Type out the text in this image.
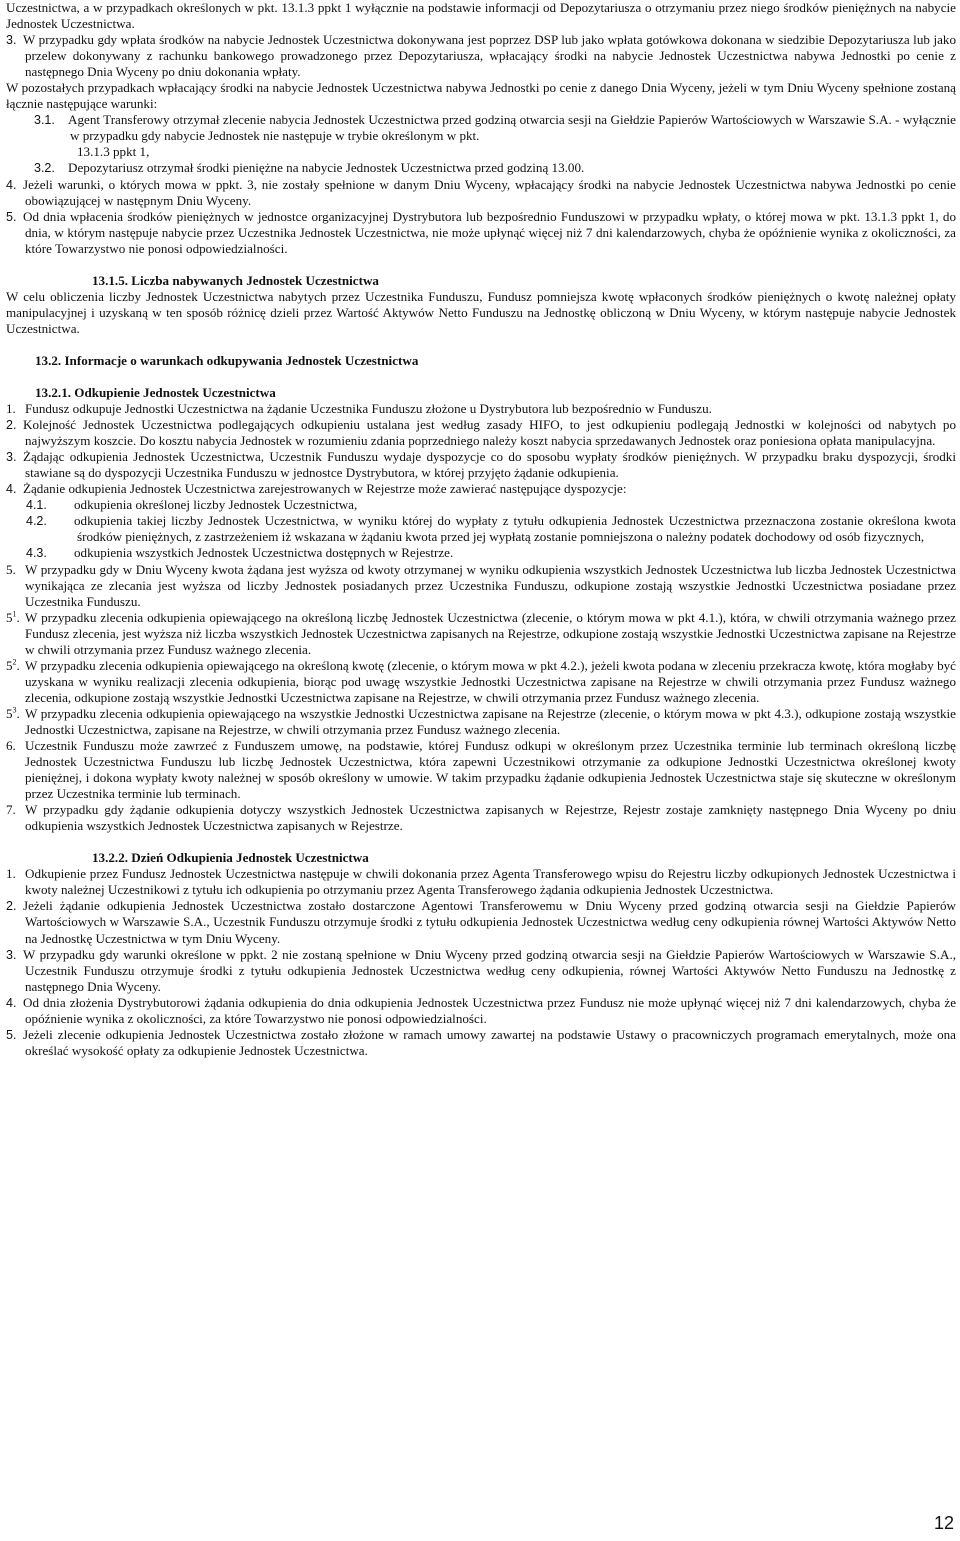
Uczestnictwa, a w przypadkach określonych w pkt. 13.1.3 ppkt 1 wyłącznie na podstawie informacji od Depozytariusza o otrzymaniu przez niego środków pieniężnych na nabycie Jednostek Uczestnictwa.

3. W przypadku gdy wpłata środków na nabycie Jednostek Uczestnictwa dokonywana jest poprzez DSP lub jako wpłata gotówkowa dokonana w siedzibie Depozytariusza lub jako przelew dokonywany z rachunku bankowego prowadzonego przez Depozytariusza, wpłacający środki na nabycie Jednostek Uczestnictwa nabywa Jednostki po cenie z następnego Dnia Wyceny po dniu dokonania wpłaty.

W pozostałych przypadkach wpłacający środki na nabycie Jednostek Uczestnictwa nabywa Jednostki po cenie z danego Dnia Wyceny, jeżeli w tym Dniu Wyceny spełnione zostaną łącznie następujące warunki:

3.1. Agent Transferowy otrzymał zlecenie nabycia Jednostek Uczestnictwa przed godziną otwarcia sesji na Giełdzie Papierów Wartościowych w Warszawie S.A. - wyłącznie w przypadku gdy nabycie Jednostek nie następuje w trybie określonym w pkt.

13.1.3 ppkt 1,

3.2. Depozytariusz otrzymał środki pieniężne na nabycie Jednostek Uczestnictwa przed godziną 13.00.

4. Jeżeli warunki, o których mowa w ppkt. 3, nie zostały spełnione w danym Dniu Wyceny, wpłacający środki na nabycie Jednostek Uczestnictwa nabywa Jednostki po cenie obowiązującej w następnym Dniu Wyceny.

5. Od dnia wpłacenia środków pieniężnych w jednostce organizacyjnej Dystrybutora lub bezpośrednio Funduszowi w przypadku wpłaty, o której mowa w pkt. 13.1.3 ppkt 1, do dnia, w którym następuje nabycie przez Uczestnika Jednostek Uczestnictwa, nie może upłynąć więcej niż 7 dni kalendarzowych, chyba że opóźnienie wynika z okoliczności, za które Towarzystwo nie ponosi odpowiedzialności.

13.1.5. Liczba nabywanych Jednostek Uczestnictwa

W celu obliczenia liczby Jednostek Uczestnictwa nabytych przez Uczestnika Funduszu, Fundusz pomniejsza kwotę wpłaconych środków pieniężnych o kwotę należnej opłaty manipulacyjnej i uzyskaną w ten sposób różnicę dzieli przez Wartość Aktywów Netto Funduszu na Jednostkę obliczoną w Dniu Wyceny, w którym następuje nabycie Jednostek Uczestnictwa.

13.2. Informacje o warunkach odkupywania Jednostek Uczestnictwa

13.2.1. Odkupienie Jednostek Uczestnictwa

1. Fundusz odkupuje Jednostki Uczestnictwa na żądanie Uczestnika Funduszu złożone u Dystrybutora lub bezpośrednio w Funduszu.

2. Kolejność Jednostek Uczestnictwa podlegających odkupieniu ustalana jest według zasady HIFO, to jest odkupieniu podlegają Jednostki w kolejności od nabytych po najwyższym koszcie. Do kosztu nabycia Jednostek w rozumieniu zdania poprzedniego należy koszt nabycia sprzedawanych Jednostek oraz poniesiona opłata manipulacyjna.

3. Żądając odkupienia Jednostek Uczestnictwa, Uczestnik Funduszu wydaje dyspozycje co do sposobu wypłaty środków pieniężnych. W przypadku braku dyspozycji, środki stawiane są do dyspozycji Uczestnika Funduszu w jednostce Dystrybutora, w której przyjęto żądanie odkupienia.

4. Żądanie odkupienia Jednostek Uczestnictwa zarejestrowanych w Rejestrze może zawierać następujące dyspozycje:

4.1. odkupienia określonej liczby Jednostek Uczestnictwa,

4.2. odkupienia takiej liczby Jednostek Uczestnictwa, w wyniku której do wypłaty z tytułu odkupienia Jednostek Uczestnictwa przeznaczona zostanie określona kwota środków pieniężnych, z zastrzeżeniem iż wskazana w żądaniu kwota przed jej wypłatą zostanie pomniejszona o należny podatek dochodowy od osób fizycznych,

4.3. odkupienia wszystkich Jednostek Uczestnictwa dostępnych w Rejestrze.

5. W przypadku gdy w Dniu Wyceny kwota żądana jest wyższa od kwoty otrzymanej w wyniku odkupienia wszystkich Jednostek Uczestnictwa lub liczba Jednostek Uczestnictwa wynikająca ze zlecania jest wyższa od liczby Jednostek posiadanych przez Uczestnika Funduszu, odkupione zostają wszystkie Jednostki Uczestnictwa posiadane przez Uczestnika Funduszu.

$5^1$. W przypadku zlecenia odkupienia opiewającego na określoną liczbę Jednostek Uczestnictwa (zlecenie, o którym mowa w pkt 4.1.), która, w chwili otrzymania ważnego przez Fundusz zlecenia, jest wyższa niż liczba wszystkich Jednostek Uczestnictwa zapisanych na Rejestrze, odkupione zostają wszystkie Jednostki Uczestnictwa zapisane na Rejestrze w chwili otrzymania przez Fundusz ważnego zlecenia.

$5^2$. W przypadku zlecenia odkupienia opiewającego na określoną kwotę (zlecenie, o którym mowa w pkt 4.2.), jeżeli kwota podana w zleceniu przekracza kwotę, która mogłaby być uzyskana w wyniku realizacji zlecenia odkupienia, biorąc pod uwagę wszystkie Jednostki Uczestnictwa zapisane na Rejestrze w chwili otrzymania przez Fundusz ważnego zlecenia, odkupione zostają wszystkie Jednostki Uczestnictwa zapisane na Rejestrze, w chwili otrzymania przez Fundusz ważnego zlecenia.

$5^3$. W przypadku zlecenia odkupienia opiewającego na wszystkie Jednostki Uczestnictwa zapisane na Rejestrze (zlecenie, o którym mowa w pkt 4.3.), odkupione zostają wszystkie Jednostki Uczestnictwa, zapisane na Rejestrze, w chwili otrzymania przez Fundusz ważnego zlecenia.

6. Uczestnik Funduszu może zawrzeć z Funduszem umowę, na podstawie, której Fundusz odkupi w określonym przez Uczestnika terminie lub terminach określoną liczbę Jednostek Uczestnictwa Funduszu lub liczbę Jednostek Uczestnictwa, która zapewni Uczestnikowi otrzymanie za odkupione Jednostki Uczestnictwa określonej kwoty pieniężnej, i dokona wypłaty kwoty należnej w sposób określony w umowie. W takim przypadku żądanie odkupienia Jednostek Uczestnictwa staje się skuteczne w określonym przez Uczestnika terminie lub terminach.

7. W przypadku gdy żądanie odkupienia dotyczy wszystkich Jednostek Uczestnictwa zapisanych w Rejestrze, Rejestr zostaje zamknięty następnego Dnia Wyceny po dniu odkupienia wszystkich Jednostek Uczestnictwa zapisanych w Rejestrze.

13.2.2. Dzień Odkupienia Jednostek Uczestnictwa

1. Odkupienie przez Fundusz Jednostek Uczestnictwa następuje w chwili dokonania przez Agenta Transferowego wpisu do Rejestru liczby odkupionych Jednostek Uczestnictwa i kwoty należnej Uczestnikowi z tytułu ich odkupienia po otrzymaniu przez Agenta Transferowego żądania odkupienia Jednostek Uczestnictwa.

2. Jeżeli żądanie odkupienia Jednostek Uczestnictwa zostało dostarczone Agentowi Transferowemu w Dniu Wyceny przed godziną otwarcia sesji na Giełdzie Papierów Wartościowych w Warszawie S.A., Uczestnik Funduszu otrzymuje środki z tytułu odkupienia Jednostek Uczestnictwa według ceny odkupienia równej Wartości Aktywów Netto na Jednostkę Uczestnictwa w tym Dniu Wyceny.

3. W przypadku gdy warunki określone w ppkt. 2 nie zostaną spełnione w Dniu Wyceny przed godziną otwarcia sesji na Giełdzie Papierów Wartościowych w Warszawie S.A., Uczestnik Funduszu otrzymuje środki z tytułu odkupienia Jednostek Uczestnictwa według ceny odkupienia, równej Wartości Aktywów Netto Funduszu na Jednostkę z następnego Dnia Wyceny.

4. Od dnia złożenia Dystrybutorowi żądania odkupienia do dnia odkupienia Jednostek Uczestnictwa przez Fundusz nie może upłynąć więcej niż 7 dni kalendarzowych, chyba że opóźnienie wynika z okoliczności, za które Towarzystwo nie ponosi odpowiedzialności.

5. Jeżeli zlecenie odkupienia Jednostek Uczestnictwa zostało złożone w ramach umowy zawartej na podstawie Ustawy o pracowniczych programach emerytalnych, może ona określać wysokość opłaty za odkupienie Jednostek Uczestnictwa.

12
